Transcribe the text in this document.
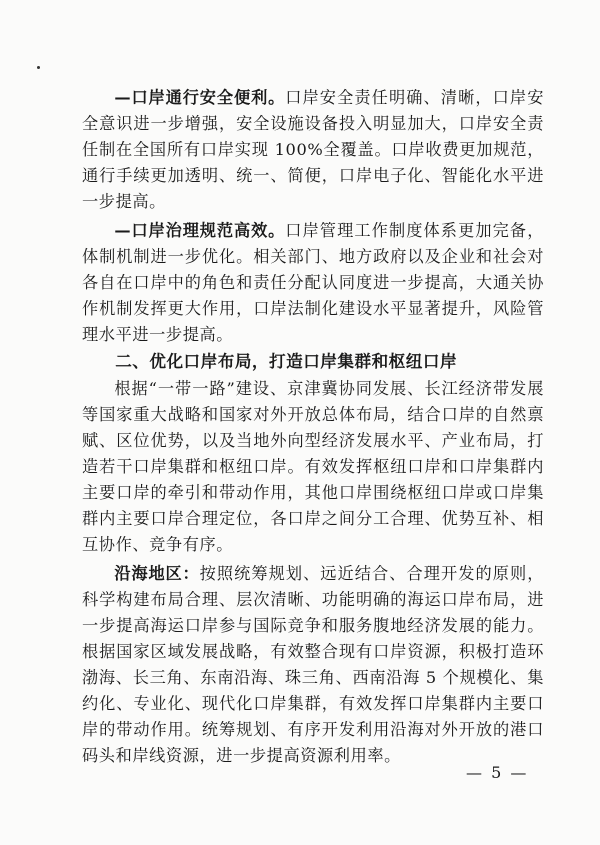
—口岸通行安全便利。口岸安全责任明确、清晰，口岸安全意识进一步增强，安全设施设备投入明显加大，口岸安全责任制在全国所有口岸实现 100%全覆盖。口岸收费更加规范，通行手续更加透明、统一、简便，口岸电子化、智能化水平进一步提高。

—口岸治理规范高效。口岸管理工作制度体系更加完备，体制机制进一步优化。相关部门、地方政府以及企业和社会对各自在口岸中的角色和责任分配认同度进一步提高，大通关协作机制发挥更大作用，口岸法制化建设水平显著提升，风险管理水平进一步提高。

二、优化口岸布局，打造口岸集群和枢纽口岸

根据“一带一路”建设、京津冀协同发展、长江经济带发展等国家重大战略和国家对外开放总体布局，结合口岸的自然禀赋、区位优势，以及当地外向型经济发展水平、产业布局，打造若干口岸集群和枢纽口岸。有效发挥枢纽口岸和口岸集群内主要口岸的牵引和带动作用，其他口岸围绕枢纽口岸或口岸集群内主要口岸合理定位，各口岸之间分工合理、优势互补、相互协作、竞争有序。

沿海地区：按照统筹规划、远近结合、合理开发的原则，科学构建布局合理、层次清晰、功能明确的海运口岸布局，进一步提高海运口岸参与国际竞争和服务腹地经济发展的能力。根据国家区域发展战略，有效整合现有口岸资源，积极打造环渤海、长三角、东南沿海、珠三角、西南沿海 5 个规模化、集约化、专业化、现代化口岸集群，有效发挥口岸集群内主要口岸的带动作用。统筹规划、有序开发利用沿海对外开放的港口码头和岸线资源，进一步提高资源利用率。

— 5 —
